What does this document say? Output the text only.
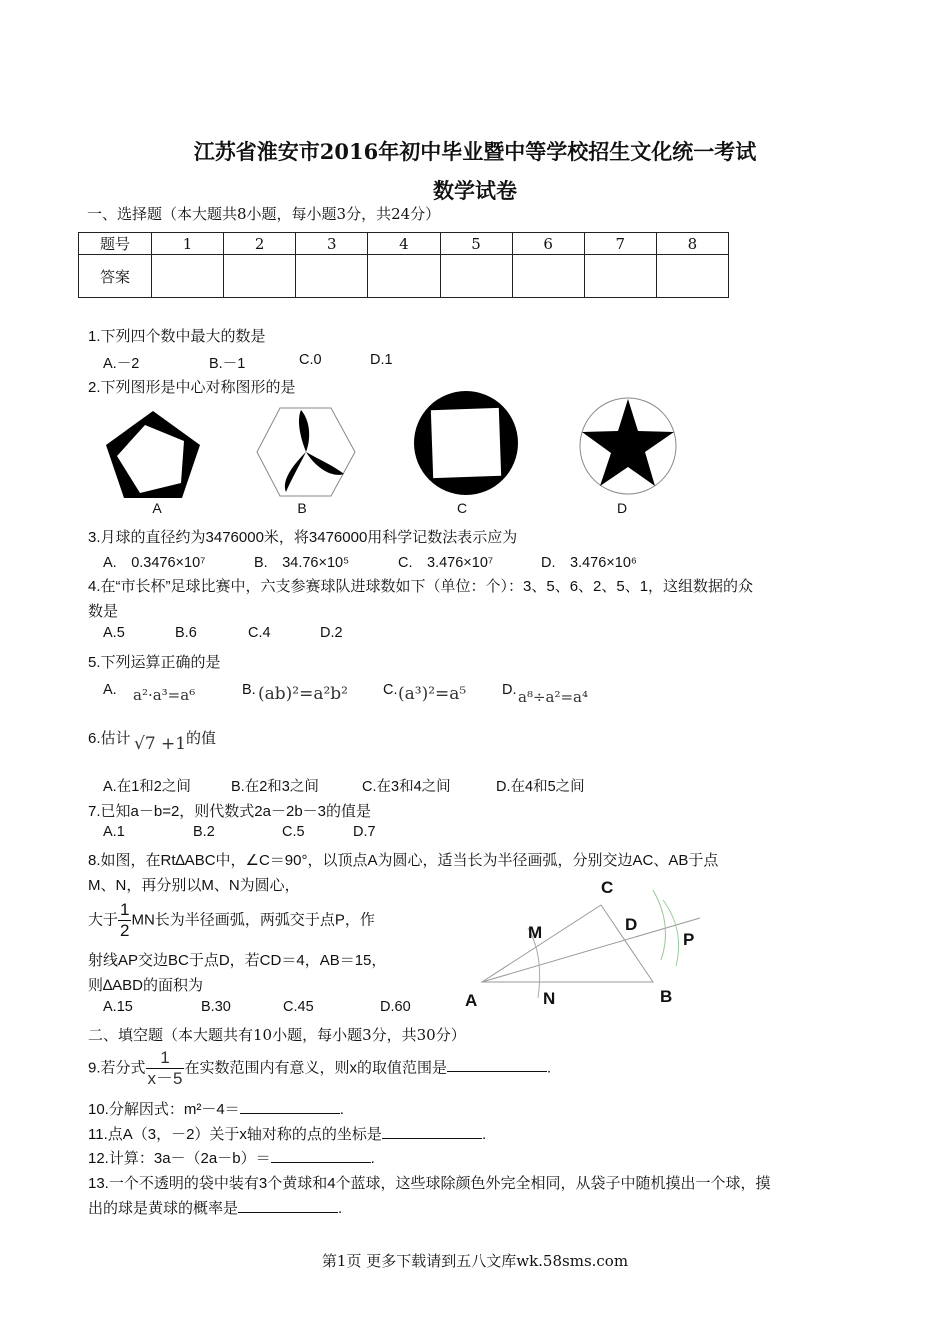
江苏省淮安市2016年初中毕业暨中等学校招生文化统一考试
数学试卷
一、选择题（本大题共8小题，每小题3分，共24分）
题号	1	2	3	4	5	6	7	8
答案								
1.下列四个数中最大的数是
A.－2	B.－1	C.0	D.1
2.下列图形是中心对称图形的是
A	B	C	D
3.月球的直径约为3476000米，将3476000用科学记数法表示应为
A.　0.3476×10⁷	B.　34.76×10⁵	C.　3.476×10⁷	D.　3.476×10⁶
4.在“市长杯”足球比赛中，六支参赛球队进球数如下（单位：个）：3、5、6、2、5、1，这组数据的众
数是
A.5	B.6	C.4	D.2
5.下列运算正确的是
A. a²·a³=a⁶	B. (ab)²=a²b² C. (a³)²=a⁵ D. a⁸÷a²=a⁴
6.估计 √7 +1 的值
A.在1和2之间	B.在2和3之间	C.在3和4之间	D.在4和5之间
7.已知a－b=2，则代数式2a－2b－3的值是
A.1	B.2	C.5	D.7
8.如图，在Rt∆ABC中，∠C＝90°，以顶点A为圆心，适当长为半径画弧，分别交边AC、AB于点
M、N，再分别以M、N为圆心，
大于 $\frac{1}{2}$ MN长为半径画弧，两弧交于点P，作
射线AP交边BC于点D，若CD＝4，AB＝15，
则∆ABD的面积为
A.15	B.30	C.45	D.60
C
M	D
P
A	N	B
二、填空题（本大题共有10小题，每小题3分，共30分）
9.若分式 $\frac{1}{x-5}$ 在实数范围内有意义，则x的取值范围是	.
10.分解因式：m²－4＝	.
11.点A（3，－2）关于x轴对称的点的坐标是	.
12.计算：3a－（2a－b）＝	.
13.一个不透明的袋中装有3个黄球和4个蓝球，这些球除颜色外完全相同，从袋子中随机摸出一个球，摸
出的球是黄球的概率是	.
第1页 更多下载请到五八文库wk.58sms.com
